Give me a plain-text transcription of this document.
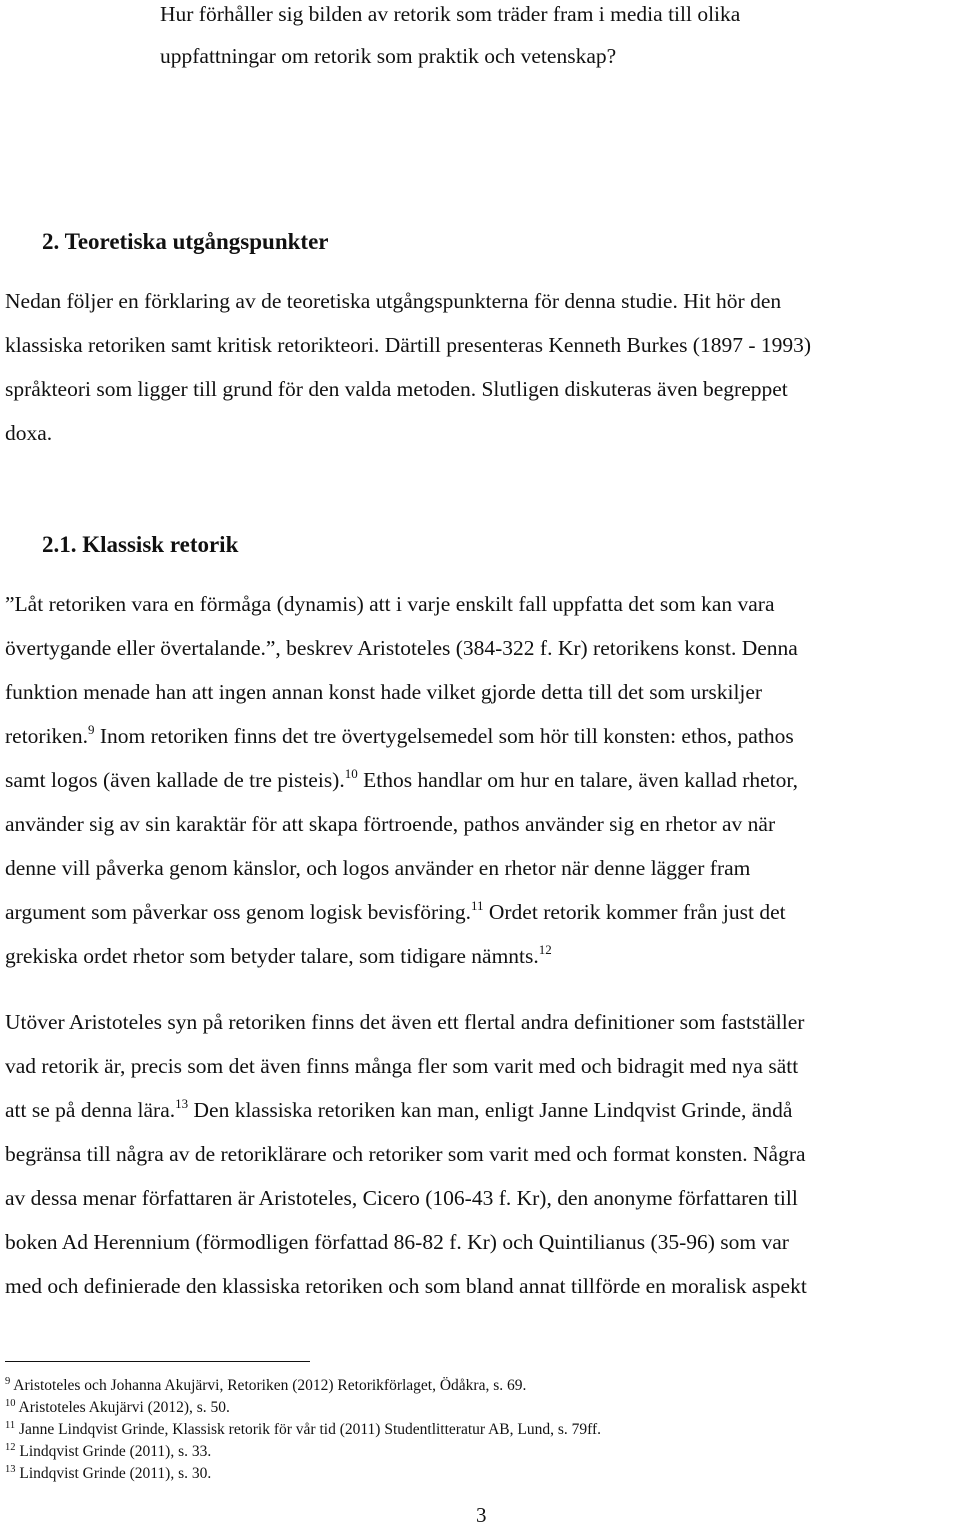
Hur förhåller sig bilden av retorik som träder fram i media till olika
uppfattningar om retorik som praktik och vetenskap?
2. Teoretiska utgångspunkter
Nedan följer en förklaring av de teoretiska utgångspunkterna för denna studie. Hit hör den
klassiska retoriken samt kritisk retorikteori. Därtill presenteras Kenneth Burkes (1897 - 1993)
språkteori som ligger till grund för den valda metoden. Slutligen diskuteras även begreppet
doxa.
2.1. Klassisk retorik
”Låt retoriken vara en förmåga (dynamis) att i varje enskilt fall uppfatta det som kan vara
övertygande eller övertalande.”, beskrev Aristoteles (384-322 f. Kr) retorikens konst. Denna
funktion menade han att ingen annan konst hade vilket gjorde detta till det som urskiljer
retoriken.$^9$ Inom retoriken finns det tre övertygelsemedel som hör till konsten: ethos, pathos
samt logos (även kallade de tre pisteis).$^{10}$ Ethos handlar om hur en talare, även kallad rhetor,
använder sig av sin karaktär för att skapa förtroende, pathos använder sig en rhetor av när
denne vill påverka genom känslor, och logos använder en rhetor när denne lägger fram
argument som påverkar oss genom logisk bevisföring.$^{11}$ Ordet retorik kommer från just det
grekiska ordet rhetor som betyder talare, som tidigare nämnts.$^{12}$
Utöver Aristoteles syn på retoriken finns det även ett flertal andra definitioner som fastställer
vad retorik är, precis som det även finns många fler som varit med och bidragit med nya sätt
att se på denna lära.$^{13}$ Den klassiska retoriken kan man, enligt Janne Lindqvist Grinde, ändå
begränsa till några av de retoriklärare och retoriker som varit med och format konsten. Några
av dessa menar författaren är Aristoteles, Cicero (106-43 f. Kr), den anonyme författaren till
boken Ad Herennium (förmodligen författad 86-82 f. Kr) och Quintilianus (35-96) som var
med och definierade den klassiska retoriken och som bland annat tillförde en moralisk aspekt
$^9$ Aristoteles och Johanna Akujärvi, Retoriken (2012) Retorikförlaget, Ödåkra, s. 69.
$^{10}$ Aristoteles Akujärvi (2012), s. 50.
$^{11}$ Janne Lindqvist Grinde, Klassisk retorik för vår tid (2011) Studentlitteratur AB, Lund, s. 79ff.
$^{12}$ Lindqvist Grinde (2011), s. 33.
$^{13}$ Lindqvist Grinde (2011), s. 30.
3
